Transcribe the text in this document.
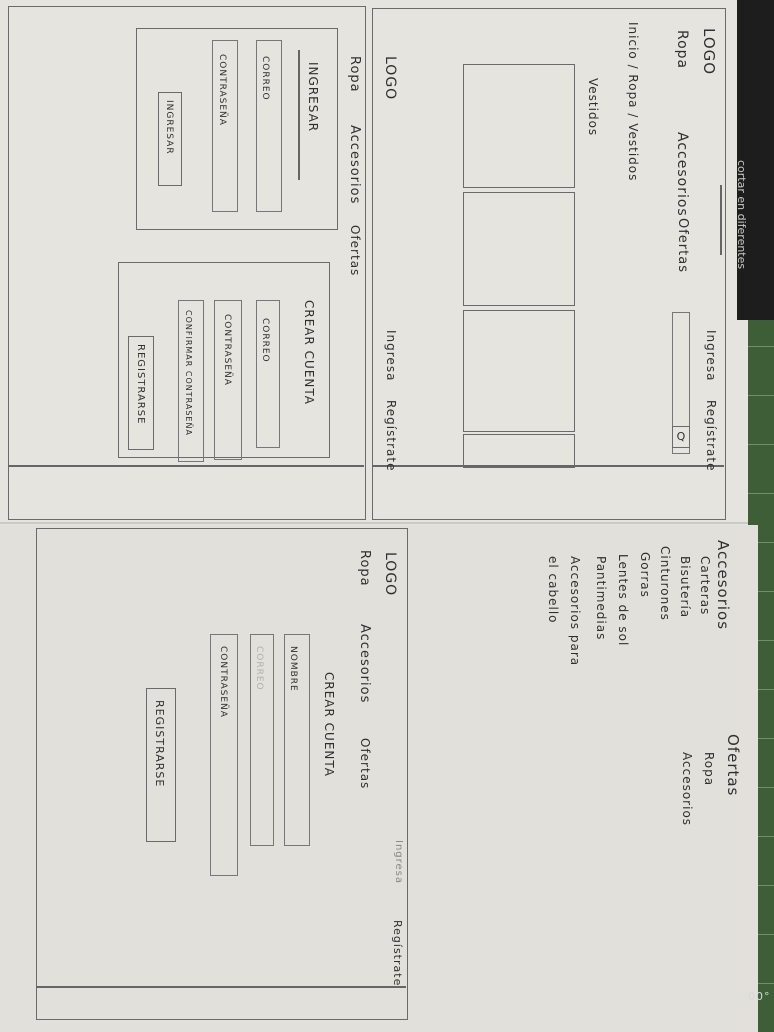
cortar en diferentes
00°
LOGO
Ropa
Accesorios
Ofertas
Ingresa
Regístrate
Q
Inicio / Ropa / Vestidos
Vestidos
LOGO
Ropa
Accesorios
Ofertas
Ingresa
Regístrate
INGRESAR
CORREO
CONTRASEÑA
INGRESAR
CREAR CUENTA
CORREO
CONTRASEÑA
CONFIRMAR CONTRASEÑA
REGISTRARSE
Accesorios
Carteras
Bisutería
Cinturones
Gorras
Lentes de sol
Pantimedias
Accesorios para el cabello
Ofertas
Ropa
Accesorios
LOGO
Ropa
Accesorios
Ofertas
Ingresa
Regístrate
CREAR CUENTA
NOMBRE
CORREO
CONTRASEÑA
REGISTRARSE
